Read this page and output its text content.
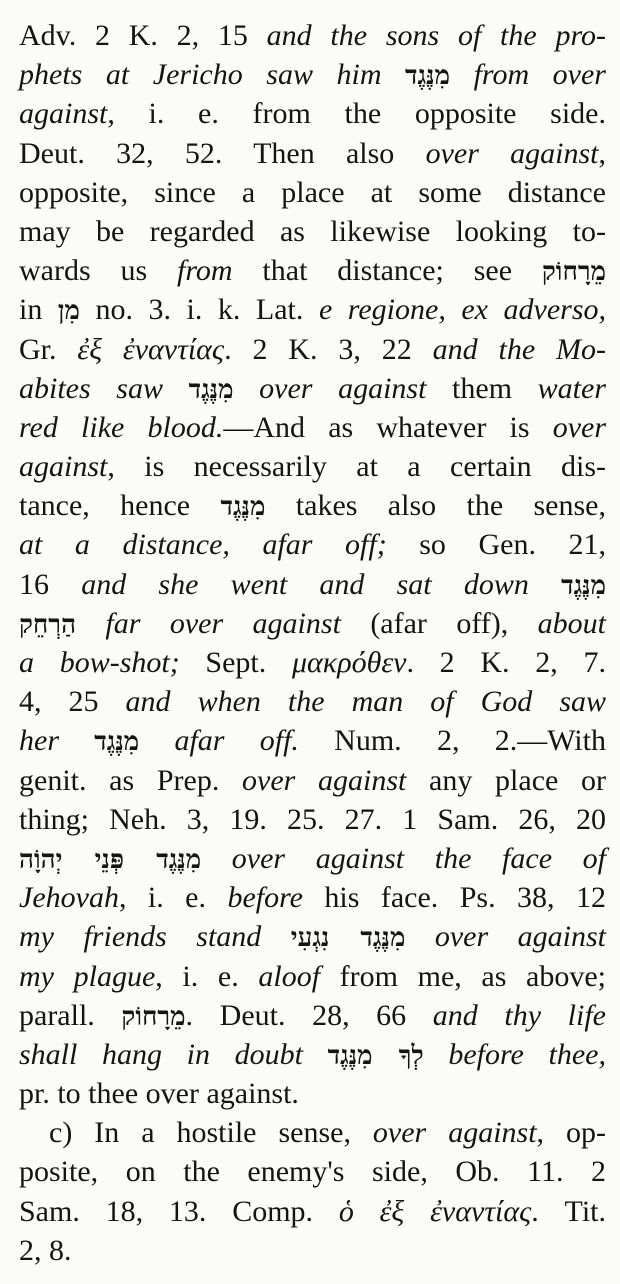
Adv. 2 K. 2, 15 and the sons of the pro-
phets at Jericho saw him מִנֶּגֶד from over
against, i. e. from the opposite side.
Deut. 32, 52. Then also over against,
opposite, since a place at some distance
may be regarded as likewise looking to-
wards us from that distance; see מֵרָחוֹק
in מִן no. 3. i. k. Lat. e regione, ex adverso,
Gr. ἐξ ἐναντίας. 2 K. 3, 22 and the Mo-
abites saw מִנֶּגֶד over against them water
red like blood.—And as whatever is over
against, is necessarily at a certain dis-
tance, hence מִנֶּגֶד takes also the sense,
at a distance, afar off; so Gen. 21,
16 and she went and sat down מִנֶּגֶד
הַרְחֵק far over against (afar off), about
a bow-shot; Sept. μακρόθεν. 2 K. 2, 7.
4, 25 and when the man of God saw
her מִנֶּגֶד afar off. Num. 2, 2.—With
genit. as Prep. over against any place or
thing; Neh. 3, 19. 25. 27. 1 Sam. 26, 20
מִנֶּגֶד פְּנֵי יְהוָֹה over against the face of
Jehovah, i. e. before his face. Ps. 38, 12
my friends stand מִנֶּגֶד נִגְעִי over against
my plague, i. e. aloof from me, as above;
parall. מֵרָחוֹק. Deut. 28, 66 and thy life
shall hang in doubt לְךָ מִנֶּגֶד before thee,
pr. to thee over against.
c) In a hostile sense, over against, op-
posite, on the enemy's side, Ob. 11. 2
Sam. 18, 13. Comp. ὁ ἐξ ἐναντίας. Tit.
2, 8.
